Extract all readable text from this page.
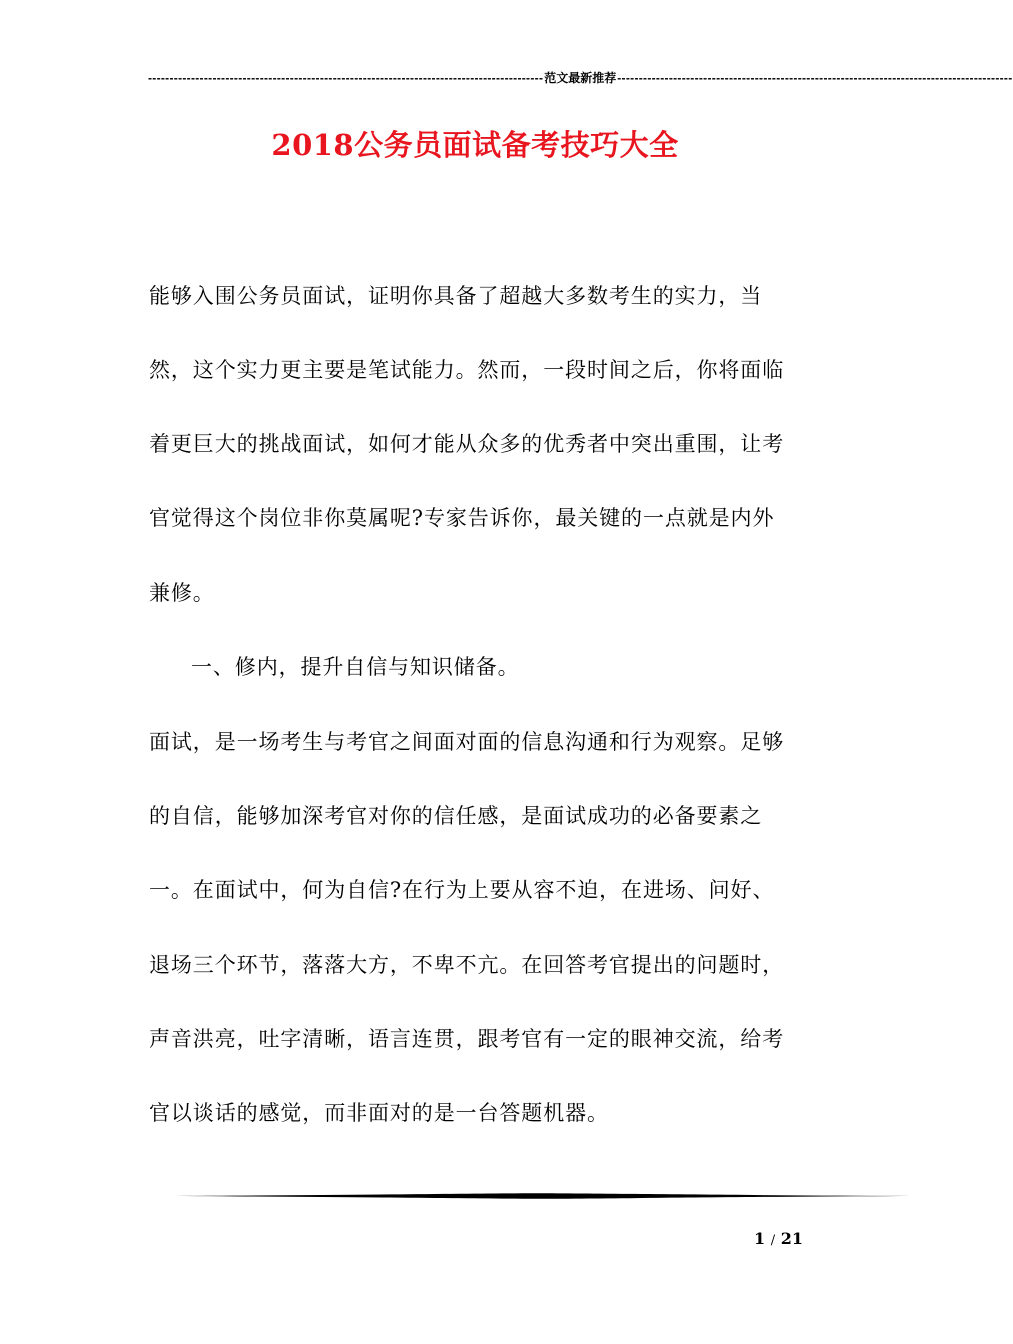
-------------------------------------------------------------------------------------------- 范文最新推荐 --------------------------------------------------------------------------------------------
2018公务员面试备考技巧大全
能够入围公务员面试，证明你具备了超越大多数考生的实力，当
然，这个实力更主要是笔试能力。然而，一段时间之后，你将面临
着更巨大的挑战面试，如何才能从众多的优秀者中突出重围，让考
官觉得这个岗位非你莫属呢?专家告诉你，最关键的一点就是内外
兼修。
一、修内，提升自信与知识储备。
面试，是一场考生与考官之间面对面的信息沟通和行为观察。足够
的自信，能够加深考官对你的信任感，是面试成功的必备要素之
一。在面试中，何为自信?在行为上要从容不迫，在进场、问好、
退场三个环节，落落大方，不卑不亢。在回答考官提出的问题时，
声音洪亮，吐字清晰，语言连贯，跟考官有一定的眼神交流，给考
官以谈话的感觉，而非面对的是一台答题机器。
1 / 21
